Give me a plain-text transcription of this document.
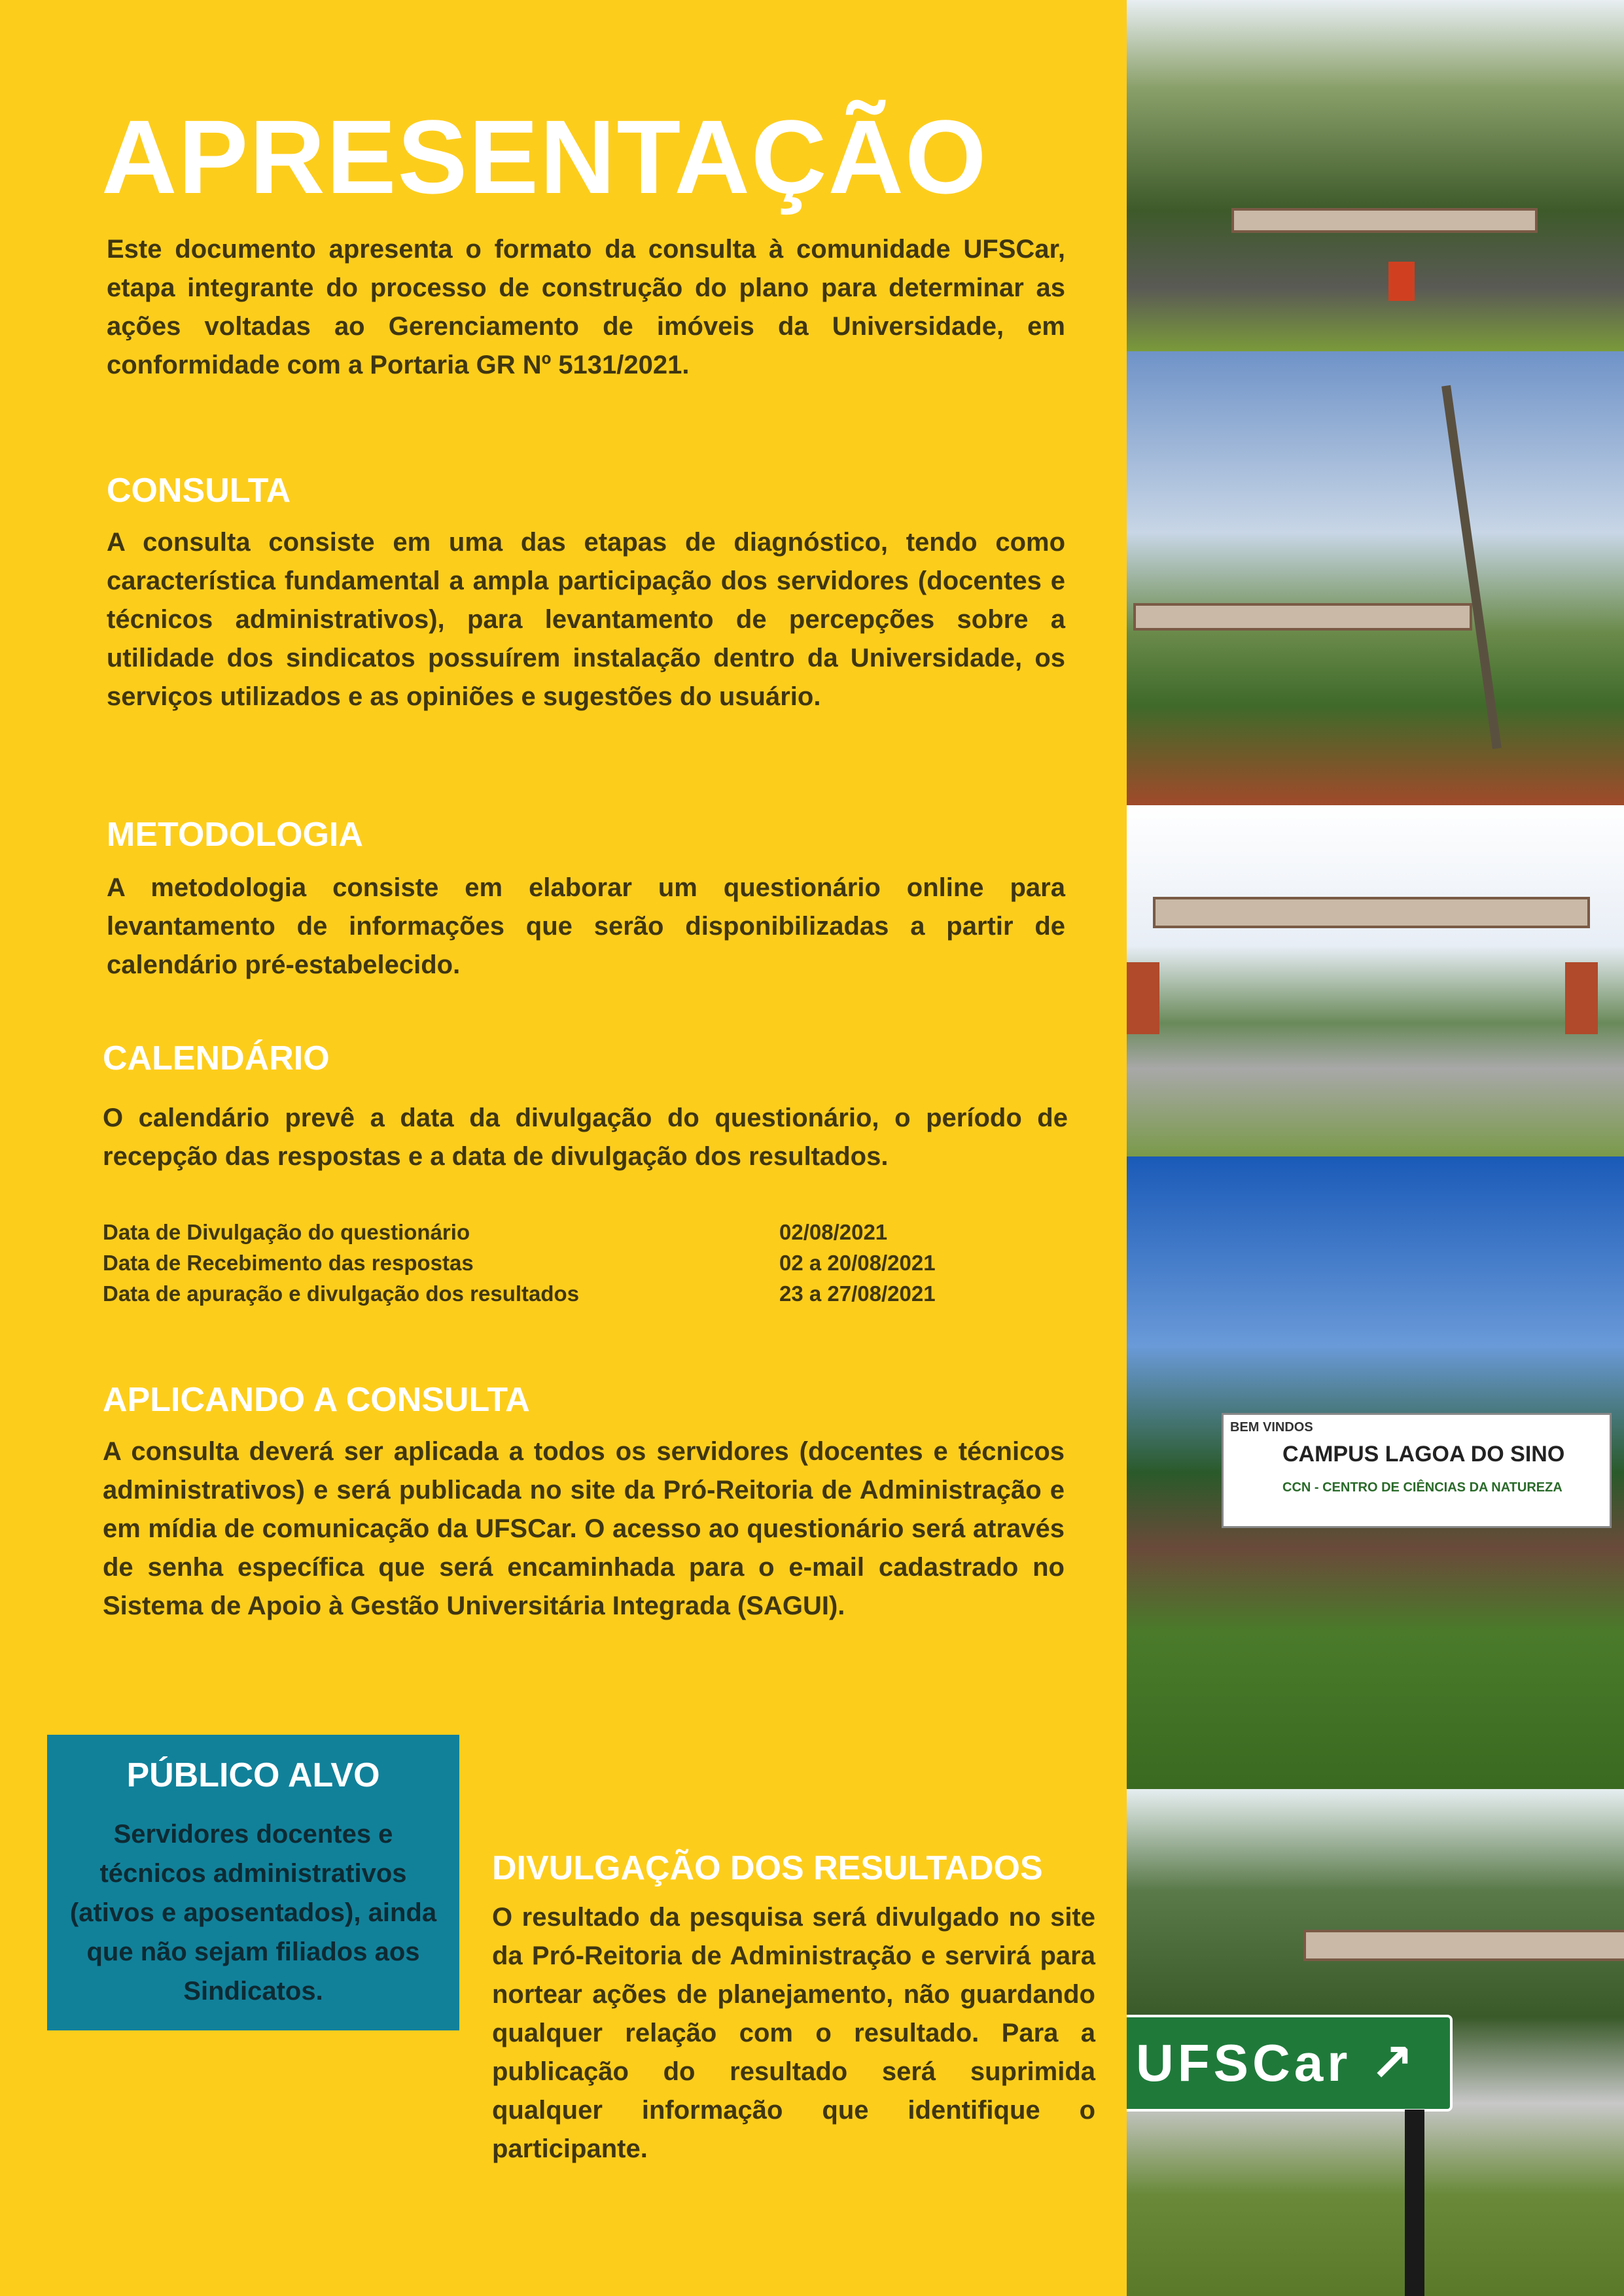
APRESENTAÇÃO
Este documento apresenta o formato da consulta à comunidade UFSCar, etapa integrante do processo de construção do plano para determinar as ações voltadas ao Gerenciamento de imóveis da Universidade, em conformidade com a Portaria GR Nº 5131/2021.
CONSULTA
A consulta consiste em uma das etapas de diagnóstico, tendo como característica fundamental a ampla participação dos servidores (docentes e técnicos administrativos), para levantamento de percepções sobre a utilidade dos sindicatos possuírem instalação dentro da Universidade, os serviços utilizados e as opiniões e sugestões do usuário.
METODOLOGIA
A metodologia consiste em elaborar um questionário online para levantamento de informações que serão disponibilizadas a partir de calendário pré-estabelecido.
CALENDÁRIO
O calendário prevê a data da divulgação do questionário, o período de recepção das respostas e a data de divulgação dos resultados.
Data de Divulgação do questionário	02/08/2021
Data de Recebimento das respostas	02 a 20/08/2021
Data de apuração e divulgação dos resultados	23 a 27/08/2021
APLICANDO A CONSULTA
A consulta deverá ser aplicada a todos os servidores (docentes e técnicos administrativos) e será publicada no site da Pró-Reitoria de Administração e em mídia de comunicação da UFSCar. O acesso ao questionário será através de senha específica que será encaminhada para o e-mail cadastrado no Sistema de Apoio à Gestão Universitária Integrada (SAGUI).
PÚBLICO ALVO
Servidores docentes e técnicos administrativos (ativos e aposentados), ainda que não sejam filiados aos Sindicatos.
DIVULGAÇÃO DOS RESULTADOS
O resultado da pesquisa será divulgado no site da Pró-Reitoria de Administração e servirá para nortear ações de planejamento, não guardando qualquer relação com o resultado. Para a publicação do resultado será suprimida qualquer informação que identifique o participante.
BEM VINDOS
CAMPUS LAGOA DO SINO
CCN - CENTRO DE CIÊNCIAS DA NATUREZA
UFSCar ↗
